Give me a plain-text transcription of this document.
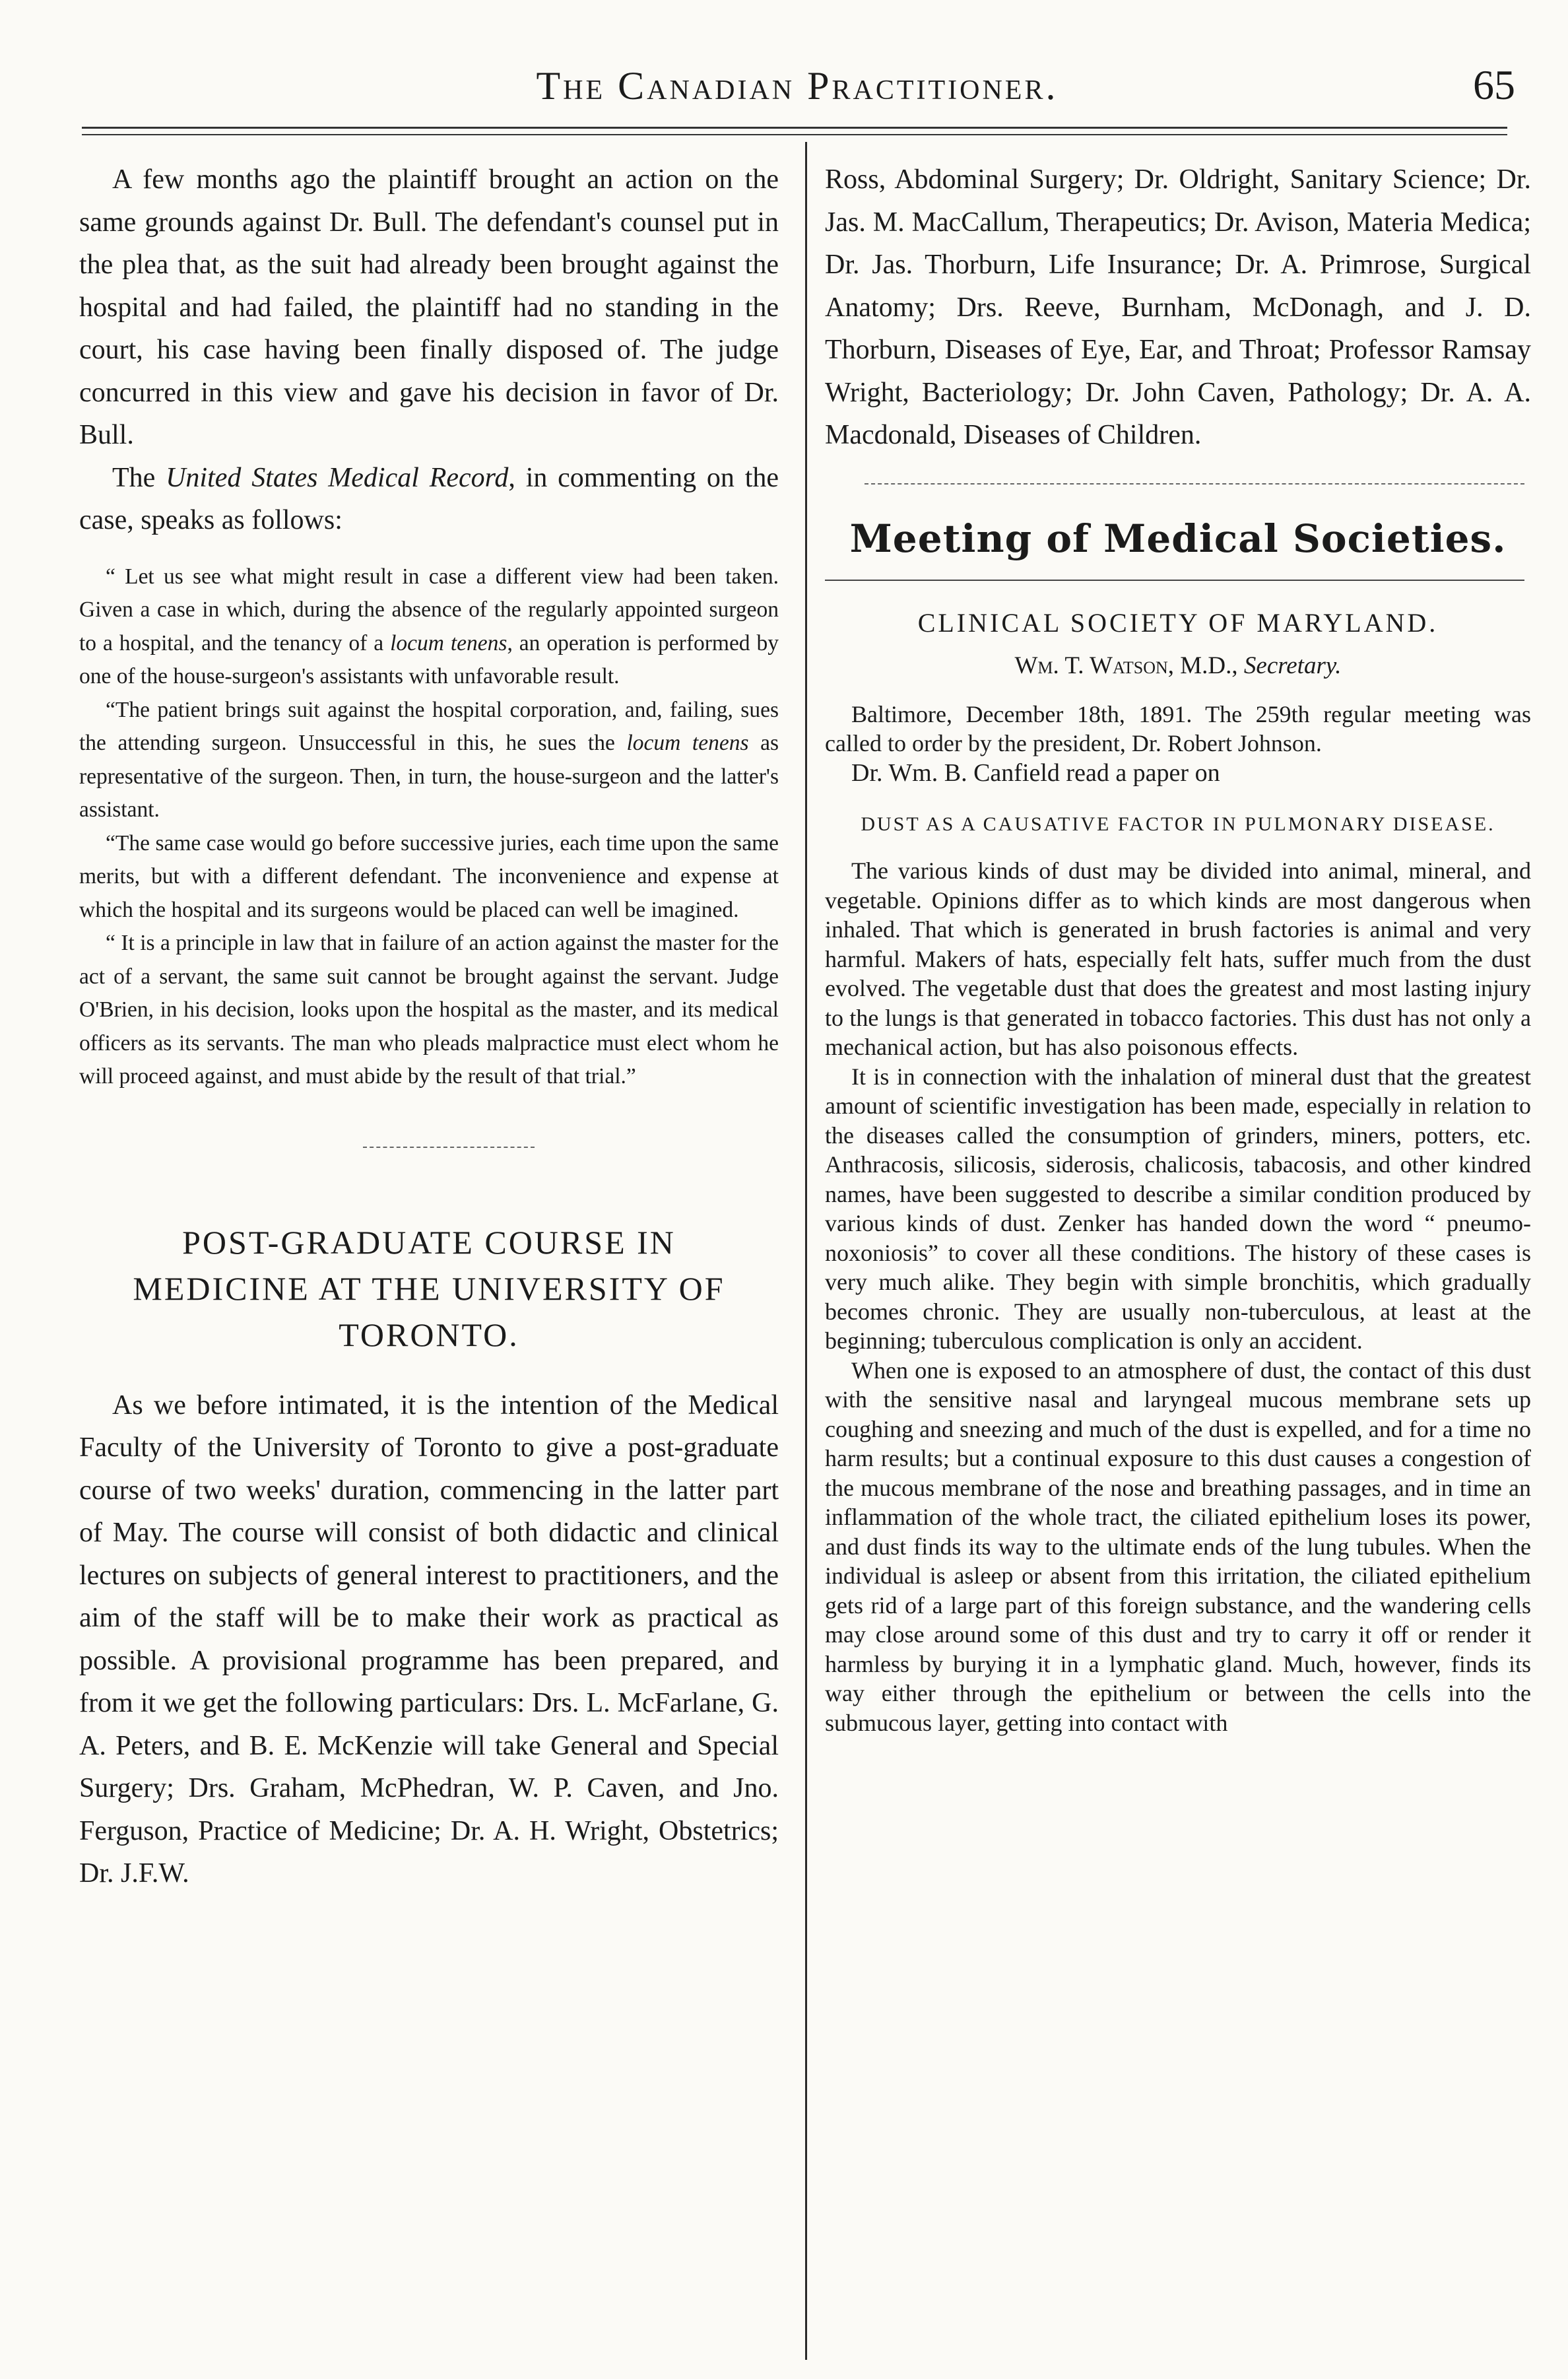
The Canadian Practitioner.	65

A few months ago the plaintiff brought an action on the same grounds against Dr. Bull. The defendant's counsel put in the plea that, as the suit had already been brought against the hospital and had failed, the plaintiff had no standing in the court, his case having been finally disposed of. The judge concurred in this view and gave his decision in favor of Dr. Bull.

The United States Medical Record, in commenting on the case, speaks as follows:

“ Let us see what might result in case a different view had been taken. Given a case in which, during the absence of the regularly appointed surgeon to a hospital, and the tenancy of a locum tenens, an operation is performed by one of the house-surgeon's assistants with unfavorable result.

“The patient brings suit against the hospital corporation, and, failing, sues the attending surgeon. Unsuccessful in this, he sues the locum tenens as representative of the surgeon. Then, in turn, the house-surgeon and the latter's assistant.

“The same case would go before successive juries, each time upon the same merits, but with a different defendant. The inconvenience and expense at which the hospital and its surgeons would be placed can well be imagined.

“ It is a principle in law that in failure of an action against the master for the act of a servant, the same suit cannot be brought against the servant. Judge O'Brien, in his decision, looks upon the hospital as the master, and its medical officers as its servants. The man who pleads malpractice must elect whom he will proceed against, and must abide by the result of that trial.”

POST-GRADUATE COURSE IN MEDICINE AT THE UNIVERSITY OF TORONTO.

As we before intimated, it is the intention of the Medical Faculty of the University of Toronto to give a post-graduate course of two weeks' duration, commencing in the latter part of May. The course will consist of both didactic and clinical lectures on subjects of general interest to practitioners, and the aim of the staff will be to make their work as practical as possible. A provisional programme has been prepared, and from it we get the following particulars: Drs. L. McFarlane, G. A. Peters, and B. E. McKenzie will take General and Special Surgery; Drs. Graham, McPhedran, W. P. Caven, and Jno. Ferguson, Practice of Medicine; Dr. A. H. Wright, Obstetrics; Dr. J.F.W.

Ross, Abdominal Surgery; Dr. Oldright, Sanitary Science; Dr. Jas. M. MacCallum, Therapeutics; Dr. Avison, Materia Medica; Dr. Jas. Thorburn, Life Insurance; Dr. A. Primrose, Surgical Anatomy; Drs. Reeve, Burnham, McDonagh, and J. D. Thorburn, Diseases of Eye, Ear, and Throat; Professor Ramsay Wright, Bacteriology; Dr. John Caven, Pathology; Dr. A. A. Macdonald, Diseases of Children.

Meeting of Medical Societies.
CLINICAL SOCIETY OF MARYLAND.
Wm. T. Watson, M.D., Secretary.

Baltimore, December 18th, 1891. The 259th regular meeting was called to order by the president, Dr. Robert Johnson.

Dr. Wm. B. Canfield read a paper on

DUST AS A CAUSATIVE FACTOR IN PULMONARY DISEASE.

The various kinds of dust may be divided into animal, mineral, and vegetable. Opinions differ as to which kinds are most dangerous when inhaled. That which is generated in brush factories is animal and very harmful. Makers of hats, especially felt hats, suffer much from the dust evolved. The vegetable dust that does the greatest and most lasting injury to the lungs is that generated in tobacco factories. This dust has not only a mechanical action, but has also poisonous effects.

It is in connection with the inhalation of mineral dust that the greatest amount of scientific investigation has been made, especially in relation to the diseases called the consumption of grinders, miners, potters, etc. Anthracosis, silicosis, siderosis, chalicosis, tabacosis, and other kindred names, have been suggested to describe a similar condition produced by various kinds of dust. Zenker has handed down the word “ pneumo-noxoniosis” to cover all these conditions. The history of these cases is very much alike. They begin with simple bronchitis, which gradually becomes chronic. They are usually non-tuberculous, at least at the beginning; tuberculous complication is only an accident.

When one is exposed to an atmosphere of dust, the contact of this dust with the sensitive nasal and laryngeal mucous membrane sets up coughing and sneezing and much of the dust is expelled, and for a time no harm results; but a continual exposure to this dust causes a congestion of the mucous membrane of the nose and breathing passages, and in time an inflammation of the whole tract, the ciliated epithelium loses its power, and dust finds its way to the ultimate ends of the lung tubules. When the individual is asleep or absent from this irritation, the ciliated epithelium gets rid of a large part of this foreign substance, and the wandering cells may close around some of this dust and try to carry it off or render it harmless by burying it in a lymphatic gland. Much, however, finds its way either through the epithelium or between the cells into the submucous layer, getting into contact with
